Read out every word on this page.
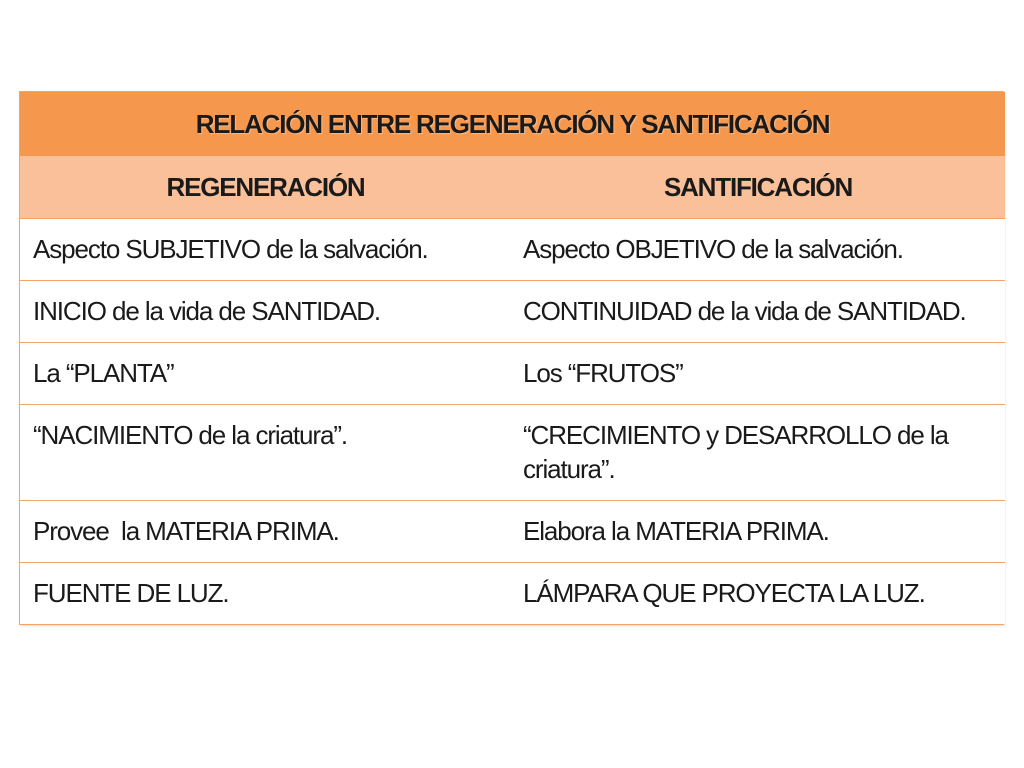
RELACIÓN ENTRE REGENERACIÓN Y SANTIFICACIÓN	
REGENERACIÓN	SANTIFICACIÓN
Aspecto SUBJETIVO de la salvación.	Aspecto OBJETIVO de la salvación.
INICIO de la vida de SANTIDAD.	CONTINUIDAD de la vida de SANTIDAD.
La “PLANTA”	Los “FRUTOS”
“NACIMIENTO de la criatura”.	“CRECIMIENTO y DESARROLLO de la criatura”.
Provee  la MATERIA PRIMA.	Elabora la MATERIA PRIMA.
FUENTE DE LUZ.	LÁMPARA QUE PROYECTA LA LUZ.
